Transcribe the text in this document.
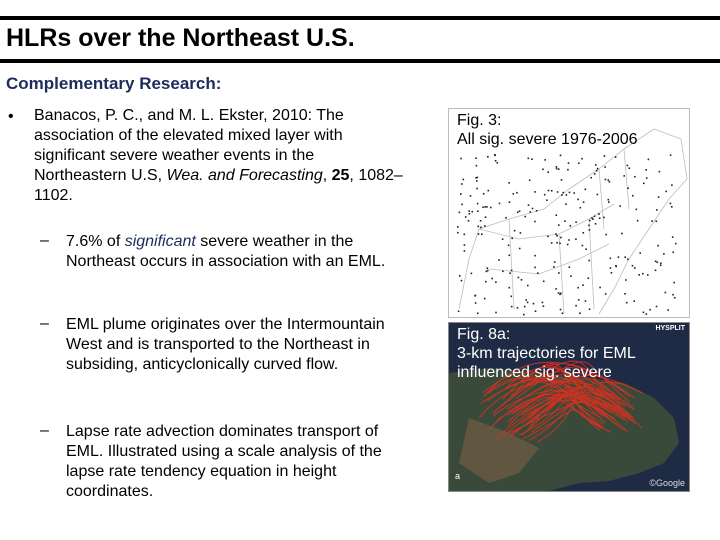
HLRs over the Northeast U.S.
Complementary Research:
• Banacos, P. C., and M. L. Ekster, 2010: The association of the elevated mixed layer with significant severe weather events in the Northeastern U.S, Wea. and Forecasting, 25, 1082–1102.
– 7.6% of significant severe weather in the Northeast occurs in association with an EML.
– EML plume originates over the Intermountain West and is transported to the Northeast in subsiding, anticyclonically curved flow.
– Lapse rate advection dominates transport of EML. Illustrated using a scale analysis of the lapse rate tendency equation in height coordinates.
Fig. 3:
All sig. severe 1976-2006
Fig. 8a:
3-km trajectories for EML
influenced sig. severe
HYSPLIT
a
©Google
